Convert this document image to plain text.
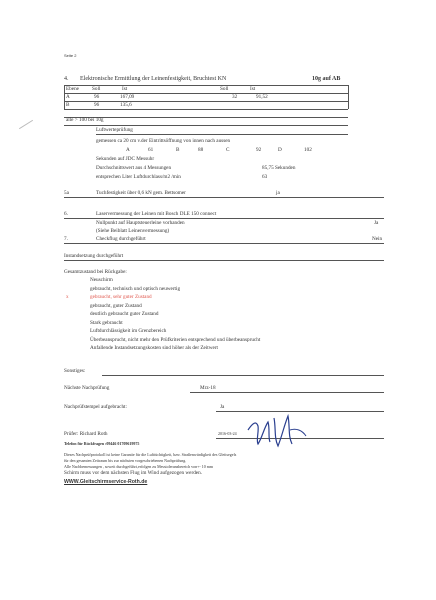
Seite 2
4. Elektronische Ermittlung der Leinenfestigkeit, Bruchtest KN	10g auf AB
Ebene	Soll	Ist	Soll	Ist
A	96	167,09	32	91,52
B	96	135,6
alle > 100 bei 10g
Luftwerteprüfung
gemessen ca 20 cm v.der Eintrittsöffnung von innen nach aussen
A	61	B	88	C	92	D	102
Sekunden auf JDC Messuhr
Durchschnittswert aus 4 Messungen	85,75 Sekunden
entsprechen Liter Luftdurchlass/m2 /min	63
5a	Tuchfestigkeit über 0,6 kN gem. Bettsomer	ja
6.	Laservermessung der Leinen mit Bosch DLE 150 connect
Nullpunkt auf Hauptsteuerleine vorhanden	Ja
(Siehe Beiblatt Leinenvermessung)
7.	Checkflug durchgeführt	Nein
Instandsetzung durchgeführt
Gesamtzustand bei Rückgabe:
Neuschirm
gebraucht, technisch und optisch neuwertig
x	gebraucht, sehr guter Zustand
gebraucht, guter Zustand
deutlich gebraucht guter Zustand
Stark gebraucht
Luftdurchlässigkeit im Grenzbereich
Überbeansprucht, nicht mehr den Prüfkriterien entsprechend und überbeansprucht
Anfallende Instandsetzungskosten sind höher als der Zeitwert
Sonstiges:
Nächste Nachprüfung	Mrz-18
Nachprüfstempel aufgebracht:	Ja
Prüfer: Richard Roth	2016-03-24
Telefon für Rückfragen :09446 01709619975
Dieses Nachprüfprotokoll ist keine Garantie für die Lufttüchtigkeit, bzw. Straßenwürdigkeit des Gleitsegels
für den gesamten Zeitraum bis zur nächsten vorgeschriebenen Nachprüfung.
Alle Nachbemessungen , soweit durchgeführt,erfolgen zu Messtoleranzbereich von+- 10 mm
Schirm muss vor dem nächsten Flug im Wind aufgezogen werden.
WWW.Gleitschirmservice-Roth.de
